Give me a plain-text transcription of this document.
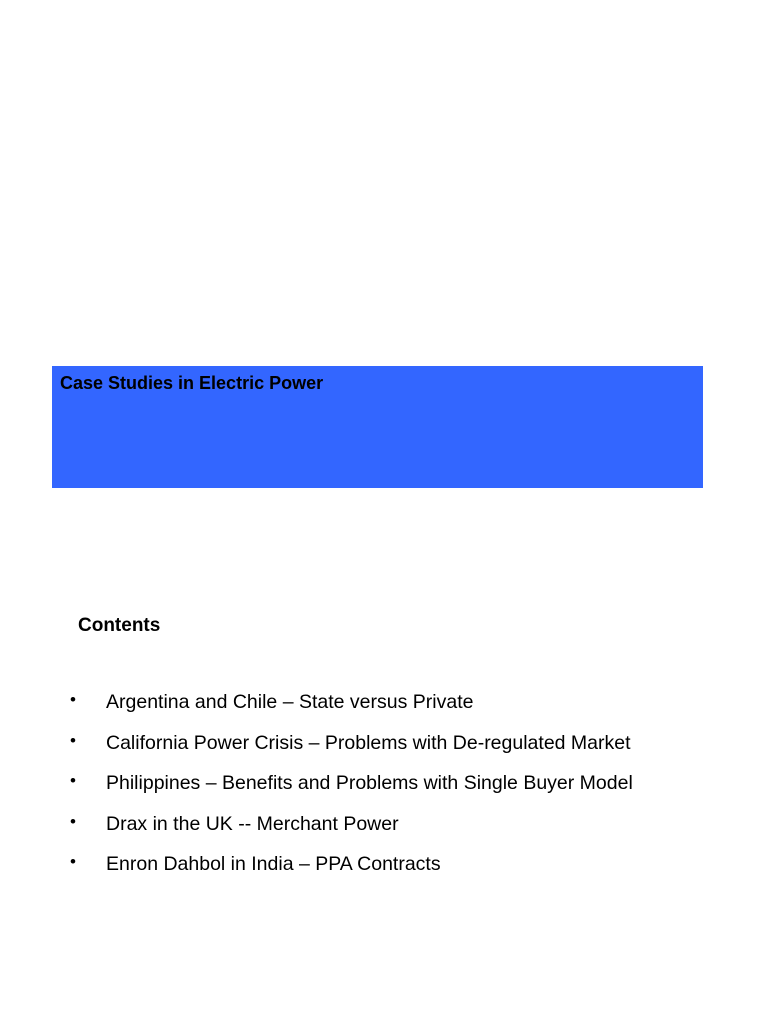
Case Studies in Electric Power
Contents
• Argentina and Chile – State versus Private
• California Power Crisis – Problems with De-regulated Market
• Philippines – Benefits and Problems with Single Buyer Model
• Drax in the UK -- Merchant Power
• Enron Dahbol in India – PPA Contracts
